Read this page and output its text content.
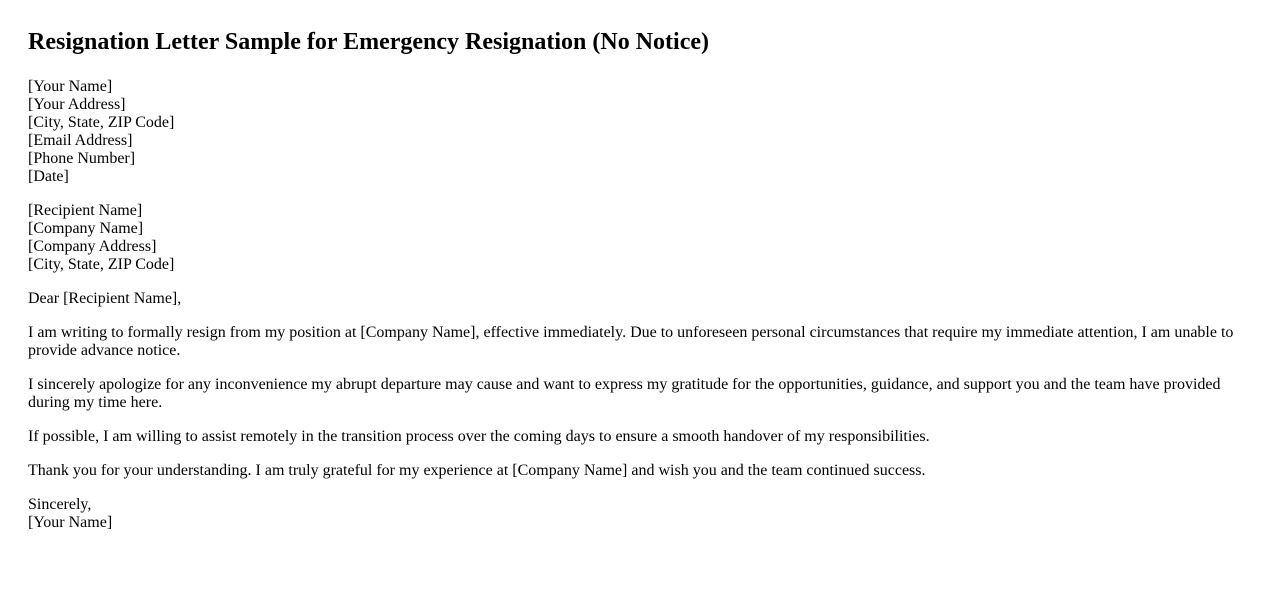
Resignation Letter Sample for Emergency Resignation (No Notice)
[Your Name]
[Your Address]
[City, State, ZIP Code]
[Email Address]
[Phone Number]
[Date]
[Recipient Name]
[Company Name]
[Company Address]
[City, State, ZIP Code]

Dear [Recipient Name],

I am writing to formally resign from my position at [Company Name], effective immediately. Due to unforeseen personal circumstances that require my immediate attention, I am unable to provide advance notice.

I sincerely apologize for any inconvenience my abrupt departure may cause and want to express my gratitude for the opportunities, guidance, and support you and the team have provided during my time here.

If possible, I am willing to assist remotely in the transition process over the coming days to ensure a smooth handover of my responsibilities.

Thank you for your understanding. I am truly grateful for my experience at [Company Name] and wish you and the team continued success.

Sincerely,
[Your Name]
